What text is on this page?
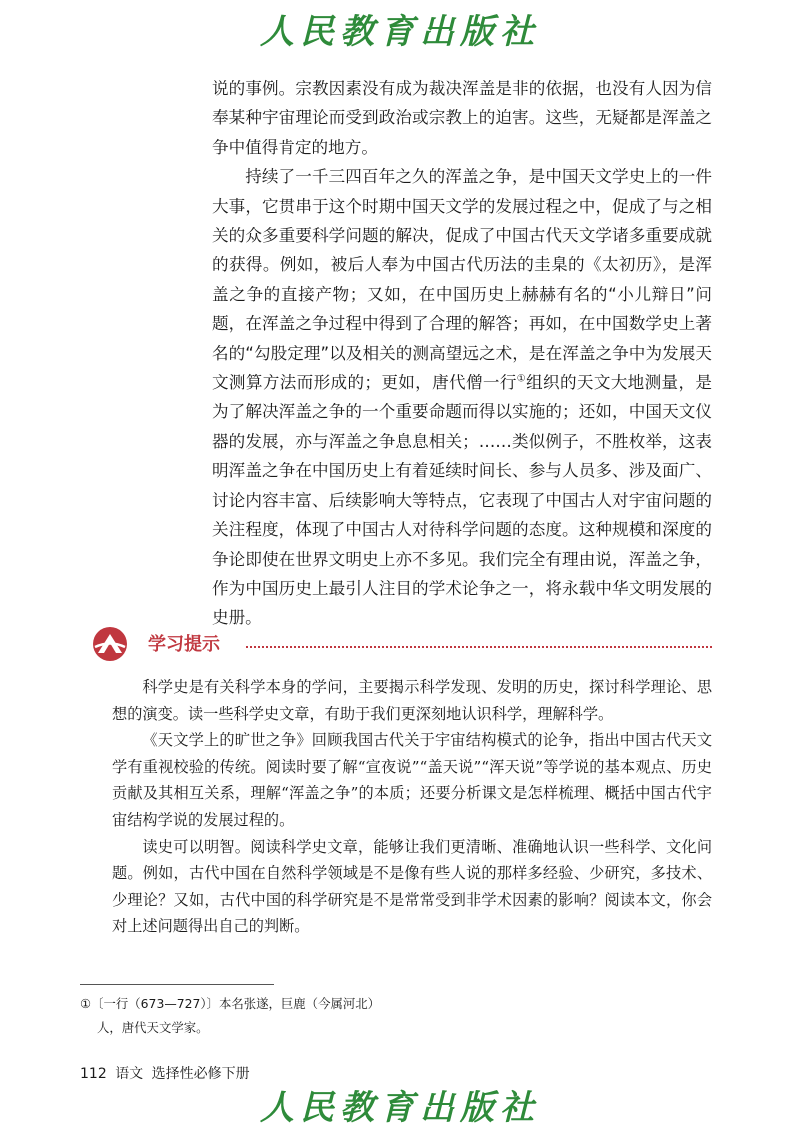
人民教育出版社

说的事例。宗教因素没有成为裁决浑盖是非的依据，也没有人因为信奉某种宇宙理论而受到政治或宗教上的迫害。这些，无疑都是浑盖之争中值得肯定的地方。

持续了一千三四百年之久的浑盖之争，是中国天文学史上的一件大事，它贯串于这个时期中国天文学的发展过程之中，促成了与之相关的众多重要科学问题的解决，促成了中国古代天文学诸多重要成就的获得。例如，被后人奉为中国古代历法的圭臬的《太初历》，是浑盖之争的直接产物；又如，在中国历史上赫赫有名的“小儿辩日”问题，在浑盖之争过程中得到了合理的解答；再如，在中国数学史上著名的“勾股定理”以及相关的测高望远之术，是在浑盖之争中为发展天文测算方法而形成的；更如，唐代僧一行①组织的天文大地测量，是为了解决浑盖之争的一个重要命题而得以实施的；还如，中国天文仪器的发展，亦与浑盖之争息息相关；……类似例子，不胜枚举，这表明浑盖之争在中国历史上有着延续时间长、参与人员多、涉及面广、讨论内容丰富、后续影响大等特点，它表现了中国古人对宇宙问题的关注程度，体现了中国古人对待科学问题的态度。这种规模和深度的争论即使在世界文明史上亦不多见。我们完全有理由说，浑盖之争，作为中国历史上最引人注目的学术论争之一，将永载中华文明发展的史册。

学习提示

科学史是有关科学本身的学问，主要揭示科学发现、发明的历史，探讨科学理论、思想的演变。读一些科学史文章，有助于我们更深刻地认识科学，理解科学。

《天文学上的旷世之争》回顾我国古代关于宇宙结构模式的论争，指出中国古代天文学有重视校验的传统。阅读时要了解“宣夜说”“盖天说”“浑天说”等学说的基本观点、历史贡献及其相互关系，理解“浑盖之争”的本质；还要分析课文是怎样梳理、概括中国古代宇宙结构学说的发展过程的。

读史可以明智。阅读科学史文章，能够让我们更清晰、准确地认识一些科学、文化问题。例如，古代中国在自然科学领域是不是像有些人说的那样多经验、少研究，多技术、少理论？又如，古代中国的科学研究是不是常常受到非学术因素的影响？阅读本文，你会对上述问题得出自己的判断。

①〔一行（673—727）〕本名张遂，巨鹿（今属河北）
人，唐代天文学家。
112 语文 选择性必修下册
人民教育出版社
